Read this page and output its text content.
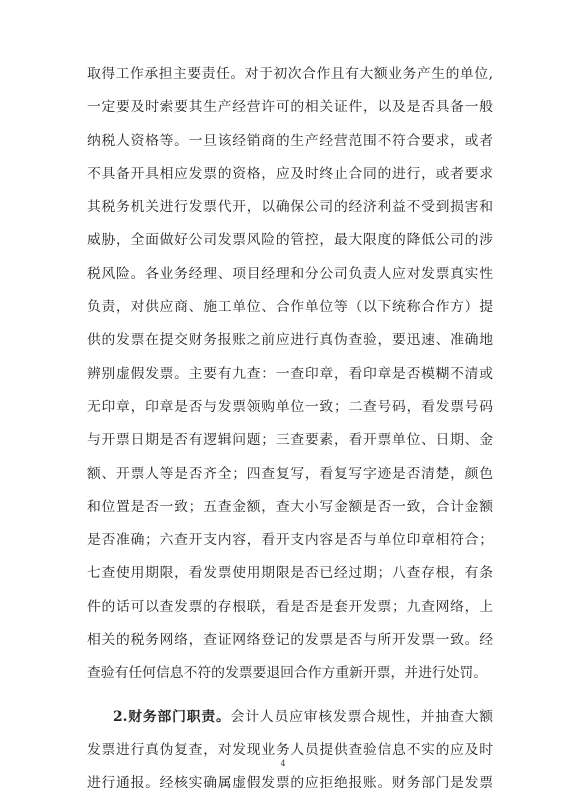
取得工作承担主要责任。对于初次合作且有大额业务产生的单位,
一定要及时索要其生产经营许可的相关证件，以及是否具备一般
纳税人资格等。一旦该经销商的生产经营范围不符合要求，或者
不具备开具相应发票的资格，应及时终止合同的进行，或者要求
其税务机关进行发票代开，以确保公司的经济利益不受到损害和
威胁，全面做好公司发票风险的管控，最大限度的降低公司的涉
税风险。各业务经理、项目经理和分公司负责人应对发票真实性
负责，对供应商、施工单位、合作单位等（以下统称合作方）提
供的发票在提交财务报账之前应进行真伪查验，要迅速、准确地
辨别虚假发票。主要有九查：一查印章，看印章是否模糊不清或
无印章，印章是否与发票领购单位一致；二查号码，看发票号码
与开票日期是否有逻辑问题；三查要素，看开票单位、日期、金
额、开票人等是否齐全；四查复写，看复写字迹是否清楚，颜色
和位置是否一致；五查金额，查大小写金额是否一致，合计金额
是否准确；六查开支内容，看开支内容是否与单位印章相符合；
七查使用期限，看发票使用期限是否已经过期；八查存根，有条
件的话可以查发票的存根联，看是否是套开发票；九查网络，上
相关的税务网络，查证网络登记的发票是否与所开发票一致。经
查验有任何信息不符的发票要退回合作方重新开票，并进行处罚。
2.财务部门职责。会计人员应审核发票合规性，并抽查大额
发票进行真伪复查，对发现业务人员提供查验信息不实的应及时
进行通报。经核实确属虚假发票的应拒绝报账。财务部门是发票
4
